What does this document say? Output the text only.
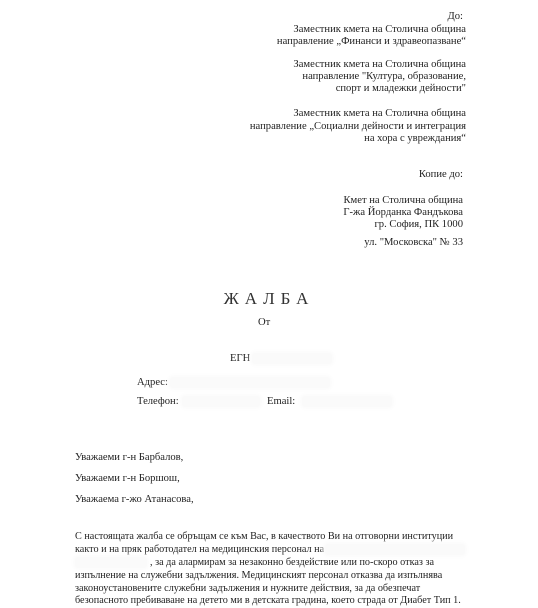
До:
Заместник кмета на Столична община
направление „Финанси и здравеопазване“
Заместник кмета на Столична община
направление "Култура, образование,
спорт и младежки дейности"
Заместник кмета на Столична община
направление „Социални дейности и интеграция
на хора с увреждания“
Копие до:
Кмет на Столична община
Г-жа Йорданка Фандъкова
гр. София, ПК 1000
ул. "Московска" № 33
ЖАЛБА
От
ЕГН
Адрес:
Телефон:	Email:
Уважаеми г-н Барбалов,
Уважаеми г-н Боршош,
Уважаема г-жо Атанасова,
С настоящата жалба се обръщам се към Вас, в качеството Ви на отговорни институции
както и на пряк работодател на медицинския персонал на
, за да алармирам за незаконно бездействие или по-скоро отказ за
изпълнение на служебни задължения. Медицинският персонал отказва да изпълнява
законоустановените служебни задължения и нужните действия, за да обезпечат
безопасното пребиваване на детето ми в детската градина, което страда от Диабет Тип 1.
